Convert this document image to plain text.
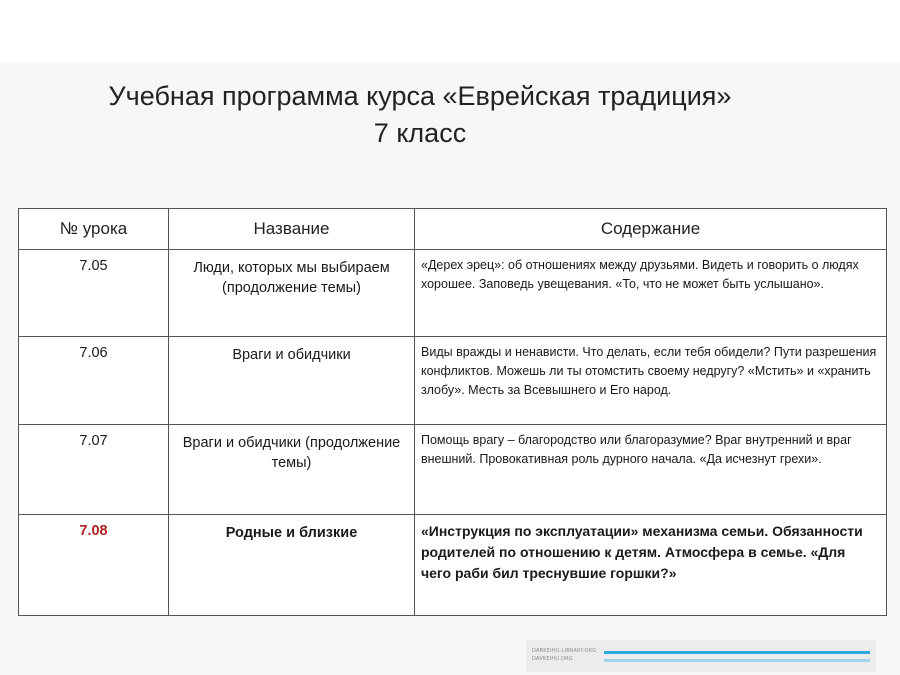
Учебная программа курса «Еврейская традиция»
7 класс
№ урока	Название	Содержание
7.05	Люди, которых мы выбираем (продолжение темы)	«Дерех эрец»: об отношениях между друзьями. Видеть и говорить о людях хорошее. Заповедь увещевания. «То, что не может быть услышано».
7.06	Враги и обидчики	Виды вражды и ненависти. Что делать, если тебя обидели? Пути разрешения конфликтов. Можешь ли ты отомстить своему недругу? «Мстить» и «хранить злобу». Месть за Всевышнего и Его народ.
7.07	Враги и обидчики (продолжение темы)	Помощь врагу – благородство или благоразумие? Враг внутренний и враг внешний. Провокативная роль дурного начала. «Да исчезнут грехи».
7.08	Родные и близкие	«Инструкция по эксплуатации» механизма семьи. Обязанности родителей по отношению к детям. Атмосфера в семье. «Для чего раби бил треснувшие горшки?»
DARKEIHU-LIBRARY.ORG
DAVKEIHU.ORG
